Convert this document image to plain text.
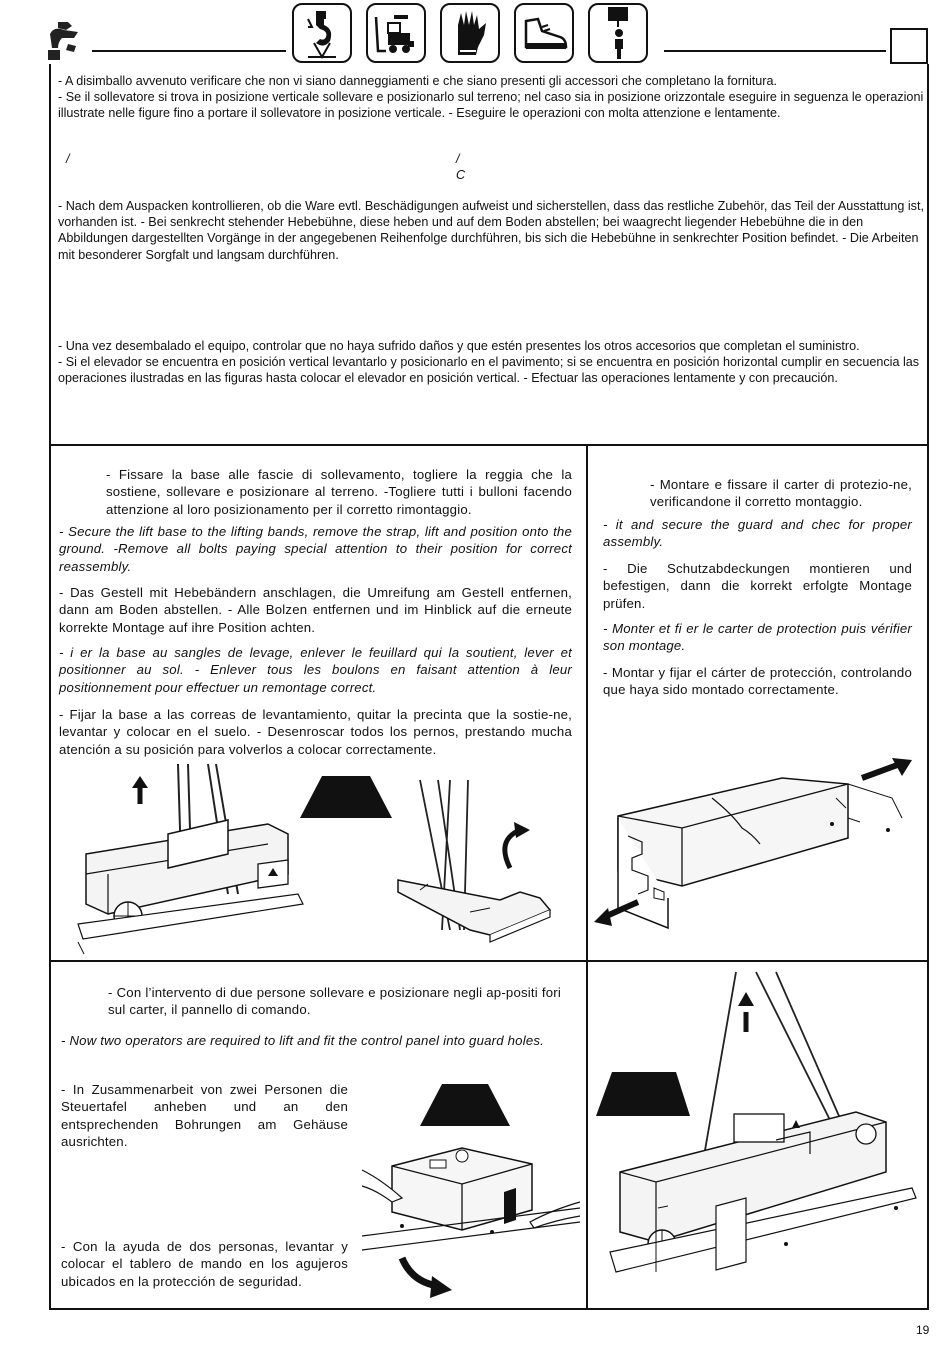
- A disimballo avvenuto verificare che non vi siano danneggiamenti e che siano presenti gli accessori che completano la fornitura.

- Se il sollevatore si trova in posizione verticale sollevare e posizionarlo sul terreno; nel caso sia in posizione orizzontale eseguire in seguenza le operazioni illustrate nelle figure fino a portare il sollevatore in posizione verticale. - Eseguire le operazioni con molta attenzione e lentamente.

/	/
C
- Nach dem Auspacken kontrollieren, ob die Ware evtl. Beschädigungen aufweist und sicherstellen, dass das restliche Zubehör, das Teil der Ausstattung ist, vorhanden ist. - Bei senkrecht stehender Hebebühne, diese heben und auf dem Boden abstellen; bei waagrecht liegender Hebebühne die in den Abbildungen dargestellten Vorgänge in der angegebenen Reihenfolge durchführen, bis sich die Hebebühne in senkrechter Position befindet. - Die Arbeiten mit besonderer Sorgfalt und langsam durchführen.

- Una vez desembalado el equipo, controlar que no haya sufrido daños y que estén presentes los otros accesorios que completan el suministro.

- Si el elevador se encuentra en posición vertical levantarlo y posicionarlo en el pavimento; si se encuentra en posición horizontal cumplir en secuencia las operaciones ilustradas en las figuras hasta colocar el elevador en posición vertical. - Efectuar las operaciones lentamente y con precaución.

- Fissare la base alle fascie di sollevamento, togliere la reggia che la sostiene, sollevare e posizionare al terreno. -Togliere tutti i bulloni facendo attenzione al loro posizionamento per il corretto rimontaggio.
- Secure the lift base to the lifting bands, remove the strap, lift and position onto the ground. -Remove all bolts paying special attention to their position for correct reassembly.
- Das Gestell mit Hebebändern anschlagen, die Umreifung am Gestell entfernen, dann am Boden abstellen. - Alle Bolzen entfernen und im Hinblick auf die erneute korrekte Montage auf ihre Position achten.
- i er la base au sangles de levage, enlever le feuillard qui la soutient, lever et positionner au sol. - Enlever tous les boulons en faisant attention à leur positionnement pour effectuer un remontage correct.
- Fijar la base a las correas de levantamiento, quitar la precinta que la sostie-ne, levantar y colocar en el suelo. - Desenroscar todos los pernos, prestando mucha atención a su posición para volverlos a colocar correctamente.
- Montare e fissare il carter di protezio-ne, verificandone il corretto montaggio.
- it and secure the guard and chec for proper assembly.
- Die Schutzabdeckungen montieren und befestigen, dann die korrekt erfolgte Montage prüfen.
- Monter et fi er le carter de protection puis vérifier son montage.
- Montar y fijar el cárter de protección, controlando que haya sido montado correctamente.
- Con l’intervento di due persone sollevare e posizionare negli ap-positi fori sul carter, il pannello di comando.
- Now two operators are required to lift and fit the control panel into guard holes.
- In Zusammenarbeit von zwei Personen die Steuertafel anheben und an den entsprechenden Bohrungen am Gehäuse ausrichten.
- Con la ayuda de dos personas, levantar y colocar el tablero de mando en los agujeros ubicados en la protección de seguridad.
19
